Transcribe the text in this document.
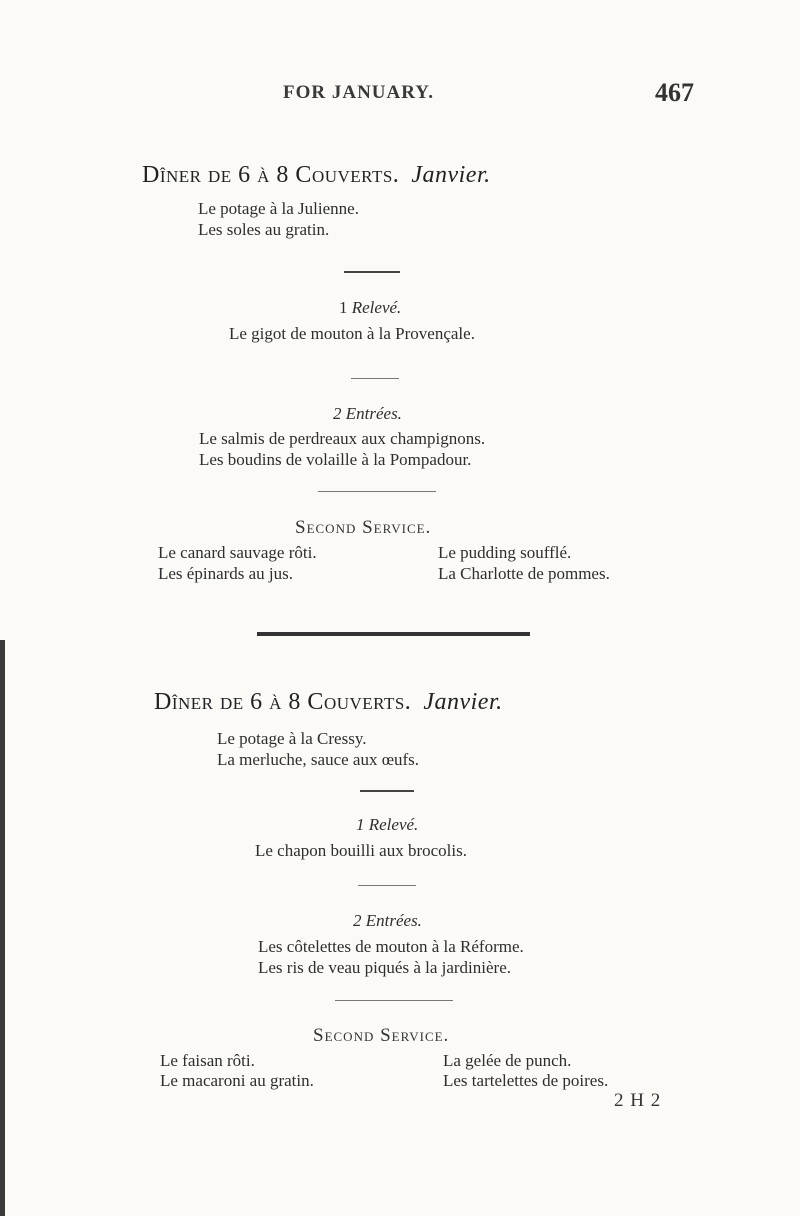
FOR JANUARY.	467
Dîner de 6 à 8 Couverts. Janvier.
Le potage à la Julienne.
Les soles au gratin.
1 Relevé.
Le gigot de mouton à la Provençale.
2 Entrées.
Le salmis de perdreaux aux champignons.
Les boudins de volaille à la Pompadour.
Second Service.
Le canard sauvage rôti.
Les épinards au jus.
Le pudding soufflé.
La Charlotte de pommes.
Dîner de 6 à 8 Couverts. Janvier.
Le potage à la Cressy.
La merluche, sauce aux œufs.
1 Relevé.
Le chapon bouilli aux brocolis.
2 Entrées.
Les côtelettes de mouton à la Réforme.
Les ris de veau piqués à la jardinière.
Second Service.
Le faisan rôti.
Le macaroni au gratin.
La gelée de punch.
Les tartelettes de poires.
2 H 2
